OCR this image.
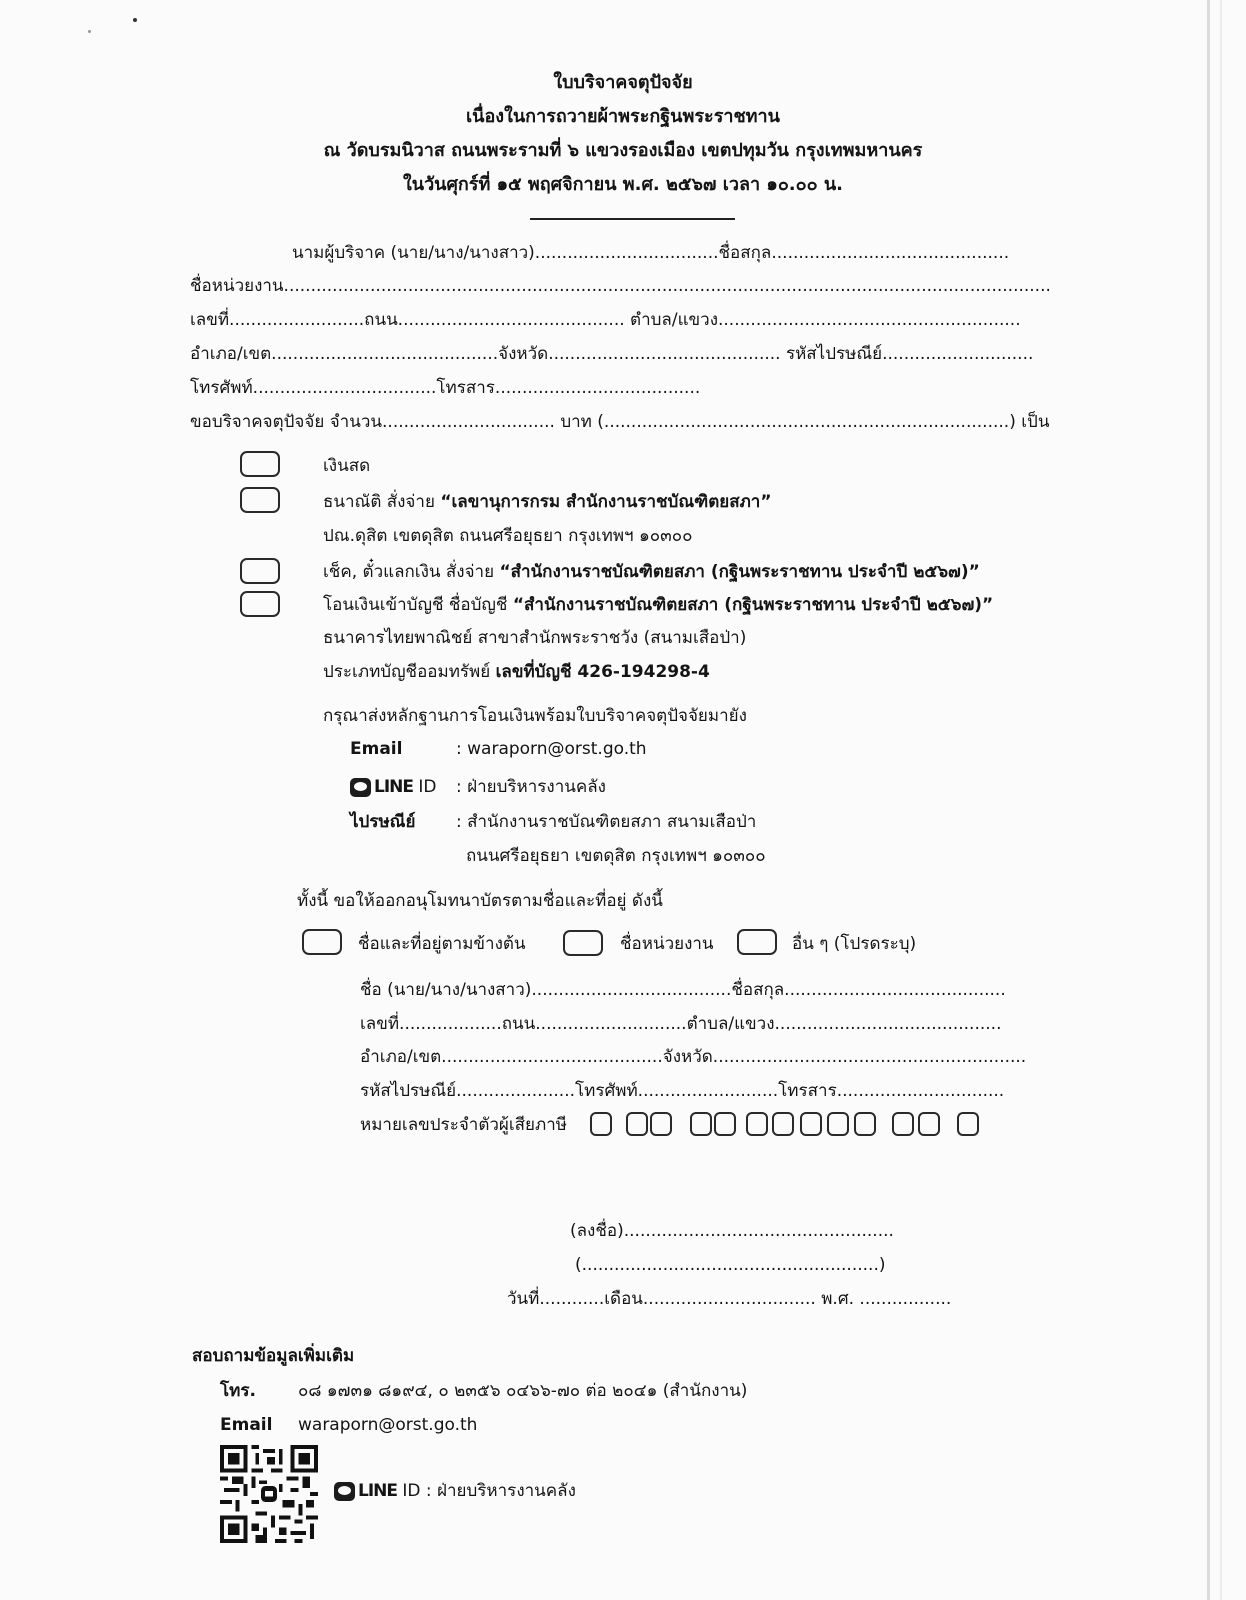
ใบบริจาคจตุปัจจัย
เนื่องในการถวายผ้าพระกฐินพระราชทาน
ณ วัดบรมนิวาส ถนนพระรามที่ ๖ แขวงรองเมือง เขตปทุมวัน กรุงเทพมหานคร
ในวันศุกร์ที่ ๑๕ พฤศจิกายน พ.ศ. ๒๕๖๗ เวลา ๑๐.๐๐ น.
นามผู้บริจาค (นาย/นาง/นางสาว)..................................ชื่อสกุล............................................
ชื่อหน่วยงาน..............................................................................................................................................
เลขที่.........................ถนน.......................................... ตำบล/แขวง........................................................
อำเภอ/เขต..........................................จังหวัด........................................... รหัสไปรษณีย์............................
โทรศัพท์..................................โทรสาร......................................
ขอบริจาคจตุปัจจัย จำนวน................................ บาท (...........................................................................) เป็น
เงินสด
ธนาณัติ สั่งจ่าย “เลขานุการกรม สำนักงานราชบัณฑิตยสภา”
ปณ.ดุสิต เขตดุสิต ถนนศรีอยุธยา กรุงเทพฯ ๑๐๓๐๐
เช็ค, ตั๋วแลกเงิน สั่งจ่าย “สำนักงานราชบัณฑิตยสภา (กฐินพระราชทาน ประจำปี ๒๕๖๗)”
โอนเงินเข้าบัญชี ชื่อบัญชี “สำนักงานราชบัณฑิตยสภา (กฐินพระราชทาน ประจำปี ๒๕๖๗)”
ธนาคารไทยพาณิชย์ สาขาสำนักพระราชวัง (สนามเสือป่า)
ประเภทบัญชีออมทรัพย์ เลขที่บัญชี 426-194298-4
กรุณาส่งหลักฐานการโอนเงินพร้อมใบบริจาคจตุปัจจัยมายัง
Email	: waraporn@orst.go.th
LINE ID : ฝ่ายบริหารงานคลัง
ไปรษณีย์ : สำนักงานราชบัณฑิตยสภา สนามเสือป่า
ถนนศรีอยุธยา เขตดุสิต กรุงเทพฯ ๑๐๓๐๐
ทั้งนี้ ขอให้ออกอนุโมทนาบัตรตามชื่อและที่อยู่ ดังนี้
ชื่อและที่อยู่ตามข้างต้น	ชื่อหน่วยงาน	อื่น ๆ (โปรดระบุ)
ชื่อ (นาย/นาง/นางสาว).....................................ชื่อสกุล.........................................
เลขที่...................ถนน............................ตำบล/แขวง..........................................
อำเภอ/เขต.........................................จังหวัด..........................................................
รหัสไปรษณีย์......................โทรศัพท์..........................โทรสาร...............................
หมายเลขประจำตัวผู้เสียภาษี
(ลงชื่อ)..................................................
(.......................................................)
วันที่............เดือน................................ พ.ศ. .................
สอบถามข้อมูลเพิ่มเติม
โทร. ๐๘ ๑๗๓๑ ๘๑๙๔, ๐ ๒๓๕๖ ๐๔๖๖-๗๐ ต่อ ๒๐๔๑ (สำนักงาน)
Email waraporn@orst.go.th
LINE ID : ฝ่ายบริหารงานคลัง
